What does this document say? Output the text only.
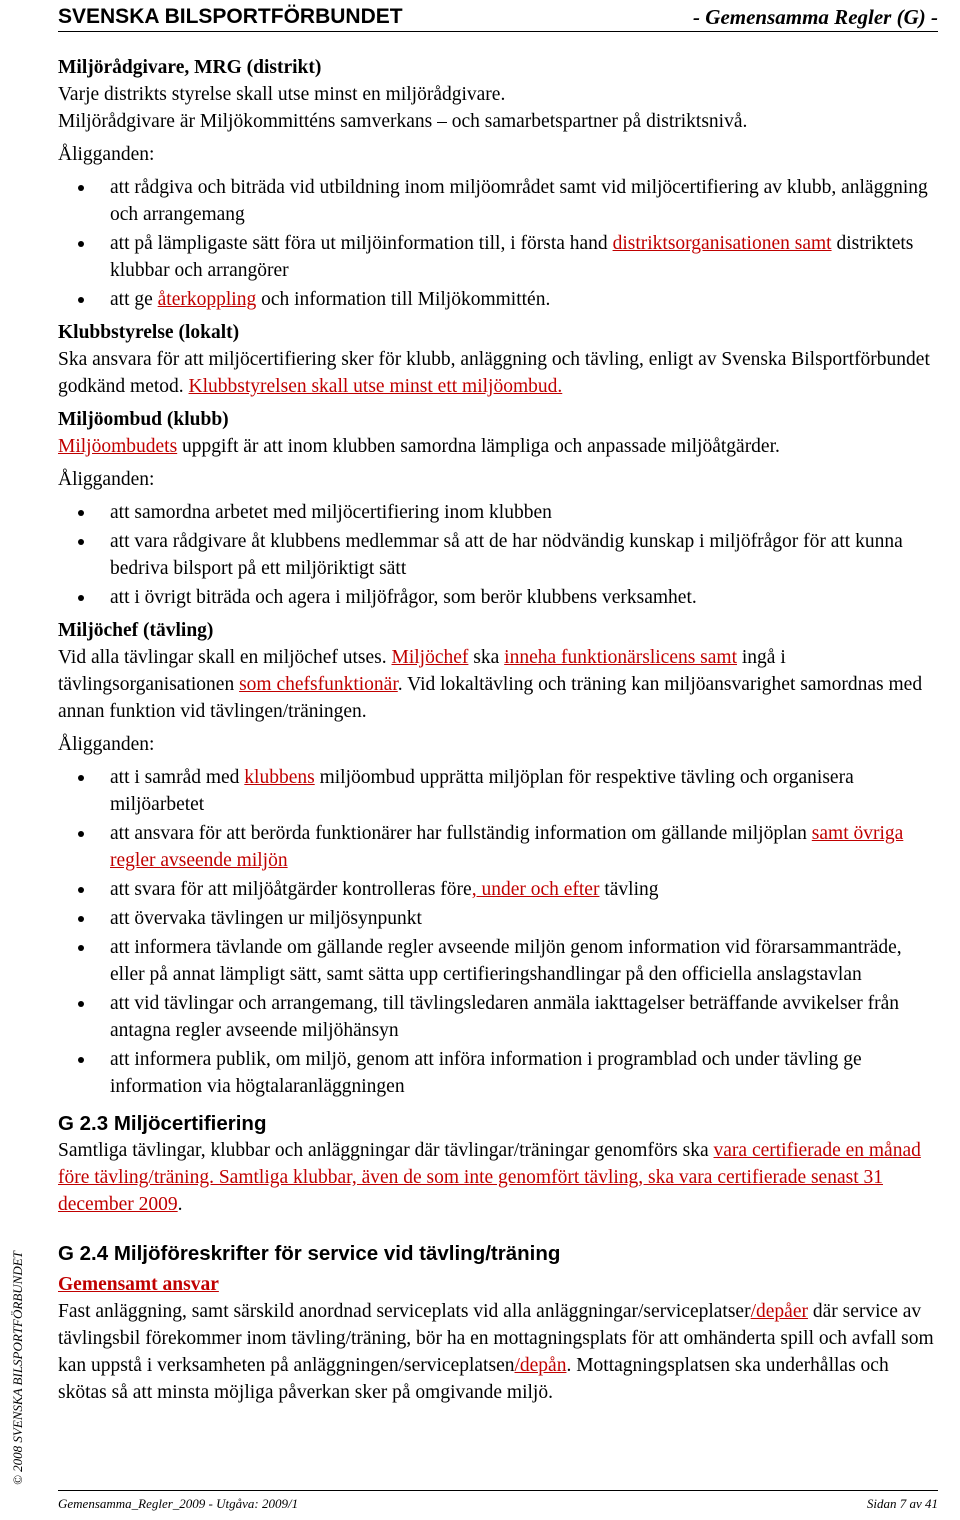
SVENSKA BILSPORTFÖRBUNDET	- Gemensamma Regler (G) -
Miljörådgivare, MRG (distrikt)
Varje distrikts styrelse skall utse minst en miljörådgivare.
Miljörådgivare är Miljökommitténs samverkans – och samarbetspartner på distriktsnivå.
Åligganden:
att rådgiva och biträda vid utbildning inom miljöområdet samt vid miljöcertifiering av klubb, anläggning och arrangemang
att på lämpligaste sätt föra ut miljöinformation till, i första hand distriktsorganisationen samt distriktets klubbar och arrangörer
att ge återkoppling och information till Miljökommittén.
Klubbstyrelse (lokalt)
Ska ansvara för att miljöcertifiering sker för klubb, anläggning och tävling, enligt av Svenska Bilsportförbundet godkänd metod. Klubbstyrelsen skall utse minst ett miljöombud.
Miljöombud (klubb)
Miljöombudets uppgift är att inom klubben samordna lämpliga och anpassade miljöåtgärder.
Åligganden:
att samordna arbetet med miljöcertifiering inom klubben
att vara rådgivare åt klubbens medlemmar så att de har nödvändig kunskap i miljöfrågor för att kunna bedriva bilsport på ett miljöriktigt sätt
att i övrigt biträda och agera i miljöfrågor, som berör klubbens verksamhet.
Miljöchef (tävling)
Vid alla tävlingar skall en miljöchef utses. Miljöchef ska inneha funktionärslicens samt ingå i tävlingsorganisationen som chefsfunktionär. Vid lokaltävling och träning kan miljöansvarighet samordnas med annan funktion vid tävlingen/träningen.
Åligganden:
att i samråd med klubbens miljöombud upprätta miljöplan för respektive tävling och organisera miljöarbetet
att ansvara för att berörda funktionärer har fullständig information om gällande miljöplan samt övriga regler avseende miljön
att svara för att miljöåtgärder kontrolleras före, under och efter tävling
att övervaka tävlingen ur miljösynpunkt
att informera tävlande om gällande regler avseende miljön genom information vid förarsammanträde, eller på annat lämpligt sätt, samt sätta upp certifieringshandlingar på den officiella anslagstavlan
att vid tävlingar och arrangemang, till tävlingsledaren anmäla iakttagelser beträffande avvikelser från antagna regler avseende miljöhänsyn
att informera publik, om miljö, genom att införa information i programblad och under tävling ge information via högtalaranläggningen
G 2.3 Miljöcertifiering
Samtliga tävlingar, klubbar och anläggningar där tävlingar/träningar genomförs ska vara certifierade en månad före tävling/träning. Samtliga klubbar, även de som inte genomfört tävling, ska vara certifierade senast 31 december 2009.
G 2.4 Miljöföreskrifter för service vid tävling/träning
Gemensamt ansvar
Fast anläggning, samt särskild anordnad serviceplats vid alla anläggningar/serviceplatser/depåer där service av tävlingsbil förekommer inom tävling/träning, bör ha en mottagningsplats för att omhändertа spill och avfall som kan uppstå i verksamheten på anläggningen/serviceplatsen/depån. Mottagningsplatsen ska underhållas och skötas så att minsta möjliga påverkan sker på omgivande miljö.
© 2008 SVENSKA BILSPORTFÖRBUNDET
Gemensamma_Regler_2009 - Utgåva: 2009/1	Sidan 7 av 41
